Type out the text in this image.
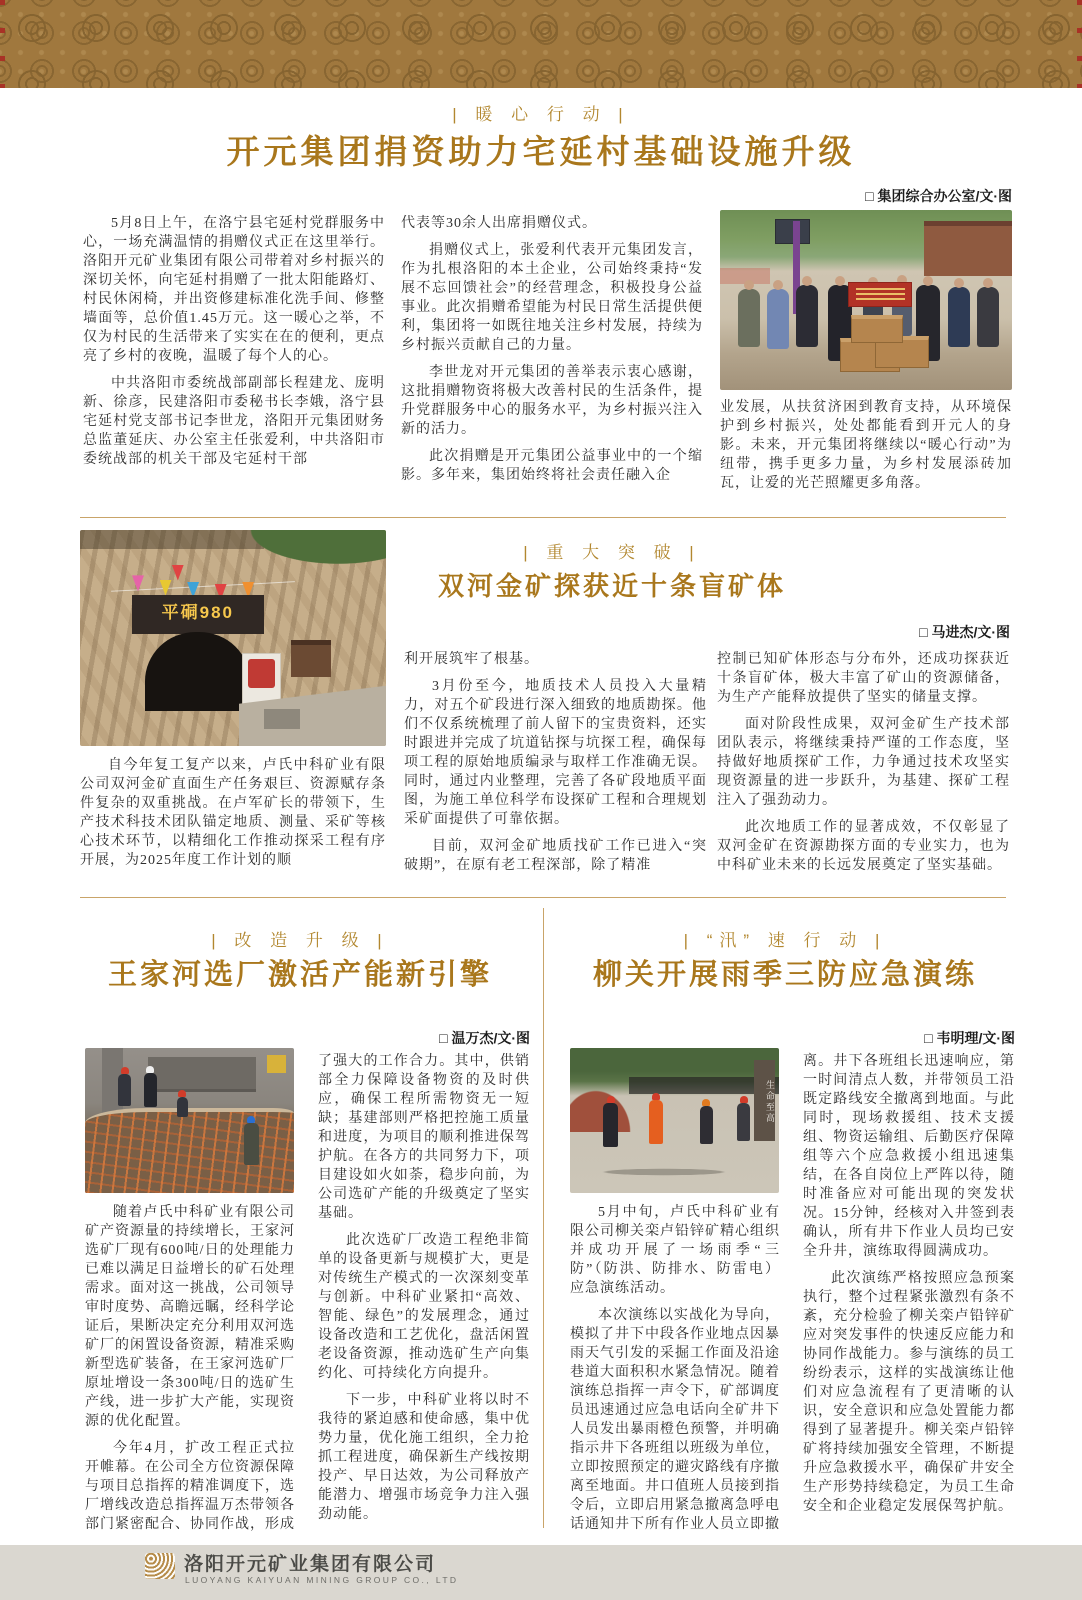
| 暖 心 行 动 |
开元集团捐资助力宅延村基础设施升级
□ 集团综合办公室/文·图

5月8日上午，在洛宁县宅延村党群服务中心，一场充满温情的捐赠仪式正在这里举行。洛阳开元矿业集团有限公司带着对乡村振兴的深切关怀，向宅延村捐赠了一批太阳能路灯、村民休闲椅，并出资修建标准化洗手间、修整墙面等，总价值1.45万元。这一暖心之举，不仅为村民的生活带来了实实在在的便利，更点亮了乡村的夜晚，温暖了每个人的心。

中共洛阳市委统战部副部长程建龙、庞明新、徐彦，民建洛阳市委秘书长李娥，洛宁县宅延村党支部书记李世龙，洛阳开元集团财务总监董延庆、办公室主任张爱利，中共洛阳市委统战部的机关干部及宅延村干部

代表等30余人出席捐赠仪式。

捐赠仪式上，张爱利代表开元集团发言，作为扎根洛阳的本土企业，公司始终秉持“发展不忘回馈社会”的经营理念，积极投身公益事业。此次捐赠希望能为村民日常生活提供便利，集团将一如既往地关注乡村发展，持续为乡村振兴贡献自己的力量。

李世龙对开元集团的善举表示衷心感谢，这批捐赠物资将极大改善村民的生活条件，提升党群服务中心的服务水平，为乡村振兴注入新的活力。

此次捐赠是开元集团公益事业中的一个缩影。多年来，集团始终将社会责任融入企

业发展，从扶贫济困到教育支持，从环境保护到乡村振兴，处处都能看到开元人的身影。未来，开元集团将继续以“暖心行动”为纽带，携手更多力量，为乡村发展添砖加瓦，让爱的光芒照耀更多角落。

平硐980
| 重 大 突 破 |
双河金矿探获近十条盲矿体
□ 马进杰/文·图

自今年复工复产以来，卢氏中科矿业有限公司双河金矿直面生产任务艰巨、资源赋存条件复杂的双重挑战。在卢军矿长的带领下，生产技术科技术团队锚定地质、测量、采矿等核心技术环节，以精细化工作推动探采工程有序开展，为2025年度工作计划的顺

利开展筑牢了根基。

3月份至今，地质技术人员投入大量精力，对五个矿段进行深入细致的地质勘探。他们不仅系统梳理了前人留下的宝贵资料，还实时跟进并完成了坑道钻探与坑探工程，确保每项工程的原始地质编录与取样工作准确无误。同时，通过内业整理，完善了各矿段地质平面图，为施工单位科学布设探矿工程和合理规划采矿面提供了可靠依据。

目前，双河金矿地质找矿工作已进入“突破期”，在原有老工程深部，除了精准

控制已知矿体形态与分布外，还成功探获近十条盲矿体，极大丰富了矿山的资源储备，为生产产能释放提供了坚实的储量支撑。

面对阶段性成果，双河金矿生产技术部团队表示，将继续秉持严谨的工作态度，坚持做好地质探矿工作，力争通过技术攻坚实现资源量的进一步跃升，为基建、探矿工程注入了强劲动力。

此次地质工作的显著成效，不仅彰显了双河金矿在资源勘探方面的专业实力，也为中科矿业未来的长远发展奠定了坚实基础。

| 改 造 升 级 |
王家河选厂激活产能新引擎
□ 温万杰/文·图

随着卢氏中科矿业有限公司矿产资源量的持续增长，王家河选矿厂现有600吨/日的处理能力已难以满足日益增长的矿石处理需求。面对这一挑战，公司领导审时度势、高瞻远瞩，经科学论证后，果断决定充分利用双河选矿厂的闲置设备资源，精准采购新型选矿装备，在王家河选矿厂原址增设一条300吨/日的选矿生产线，进一步扩大产能，实现资源的优化配置。

今年4月，扩改工程正式拉开帷幕。在公司全方位资源保障与项目总指挥的精准调度下，选厂增线改造总指挥温万杰带领各部门紧密配合、协同作战，形成

了强大的工作合力。其中，供销部全力保障设备物资的及时供应，确保工程所需物资无一短缺；基建部则严格把控施工质量和进度，为项目的顺利推进保驾护航。在各方的共同努力下，项目建设如火如荼，稳步向前，为公司选矿产能的升级奠定了坚实基础。

此次选矿厂改造工程绝非简单的设备更新与规模扩大，更是对传统生产模式的一次深刻变革与创新。中科矿业紧扣“高效、智能、绿色”的发展理念，通过设备改造和工艺优化，盘活闲置老设备资源，推动选矿生产向集约化、可持续化方向提升。

下一步，中科矿业将以时不我待的紧迫感和使命感，集中优势力量，优化施工组织，全力抢抓工程进度，确保新生产线按期投产、早日达效，为公司释放产能潜力、增强市场竞争力注入强劲动能。

| “汛” 速 行 动 |
柳关开展雨季三防应急演练
□ 韦明理/文·图
生命至高

5月中旬，卢氏中科矿业有限公司柳关栾卢铅锌矿精心组织并成功开展了一场雨季“三防”（防洪、防排水、防雷电）应急演练活动。

本次演练以实战化为导向，模拟了井下中段各作业地点因暴雨天气引发的采掘工作面及沿途巷道大面积积水紧急情况。随着演练总指挥一声令下，矿部调度员迅速通过应急电话向全矿井下人员发出暴雨橙色预警，并明确指示井下各班组以班级为单位，立即按照预定的避灾路线有序撤离至地面。井口值班人员接到指令后，立即启用紧急撤离急呼电话通知井下所有作业人员立即撤

离。井下各班组长迅速响应，第一时间清点人数，并带领员工沿既定路线安全撤离到地面。与此同时，现场救援组、技术支援组、物资运输组、后勤医疗保障组等六个应急救援小组迅速集结，在各自岗位上严阵以待，随时准备应对可能出现的突发状况。15分钟，经核对入井签到表确认，所有井下作业人员均已安全升井，演练取得圆满成功。

此次演练严格按照应急预案执行，整个过程紧张激烈有条不紊，充分检验了柳关栾卢铅锌矿应对突发事件的快速反应能力和协同作战能力。参与演练的员工纷纷表示，这样的实战演练让他们对应急流程有了更清晰的认识，安全意识和应急处置能力都得到了显著提升。柳关栾卢铅锌矿将持续加强安全管理，不断提升应急救援水平，确保矿井安全生产形势持续稳定，为员工生命安全和企业稳定发展保驾护航。

洛阳开元矿业集团有限公司
LUOYANG KAIYUAN MINING GROUP CO., LTD
